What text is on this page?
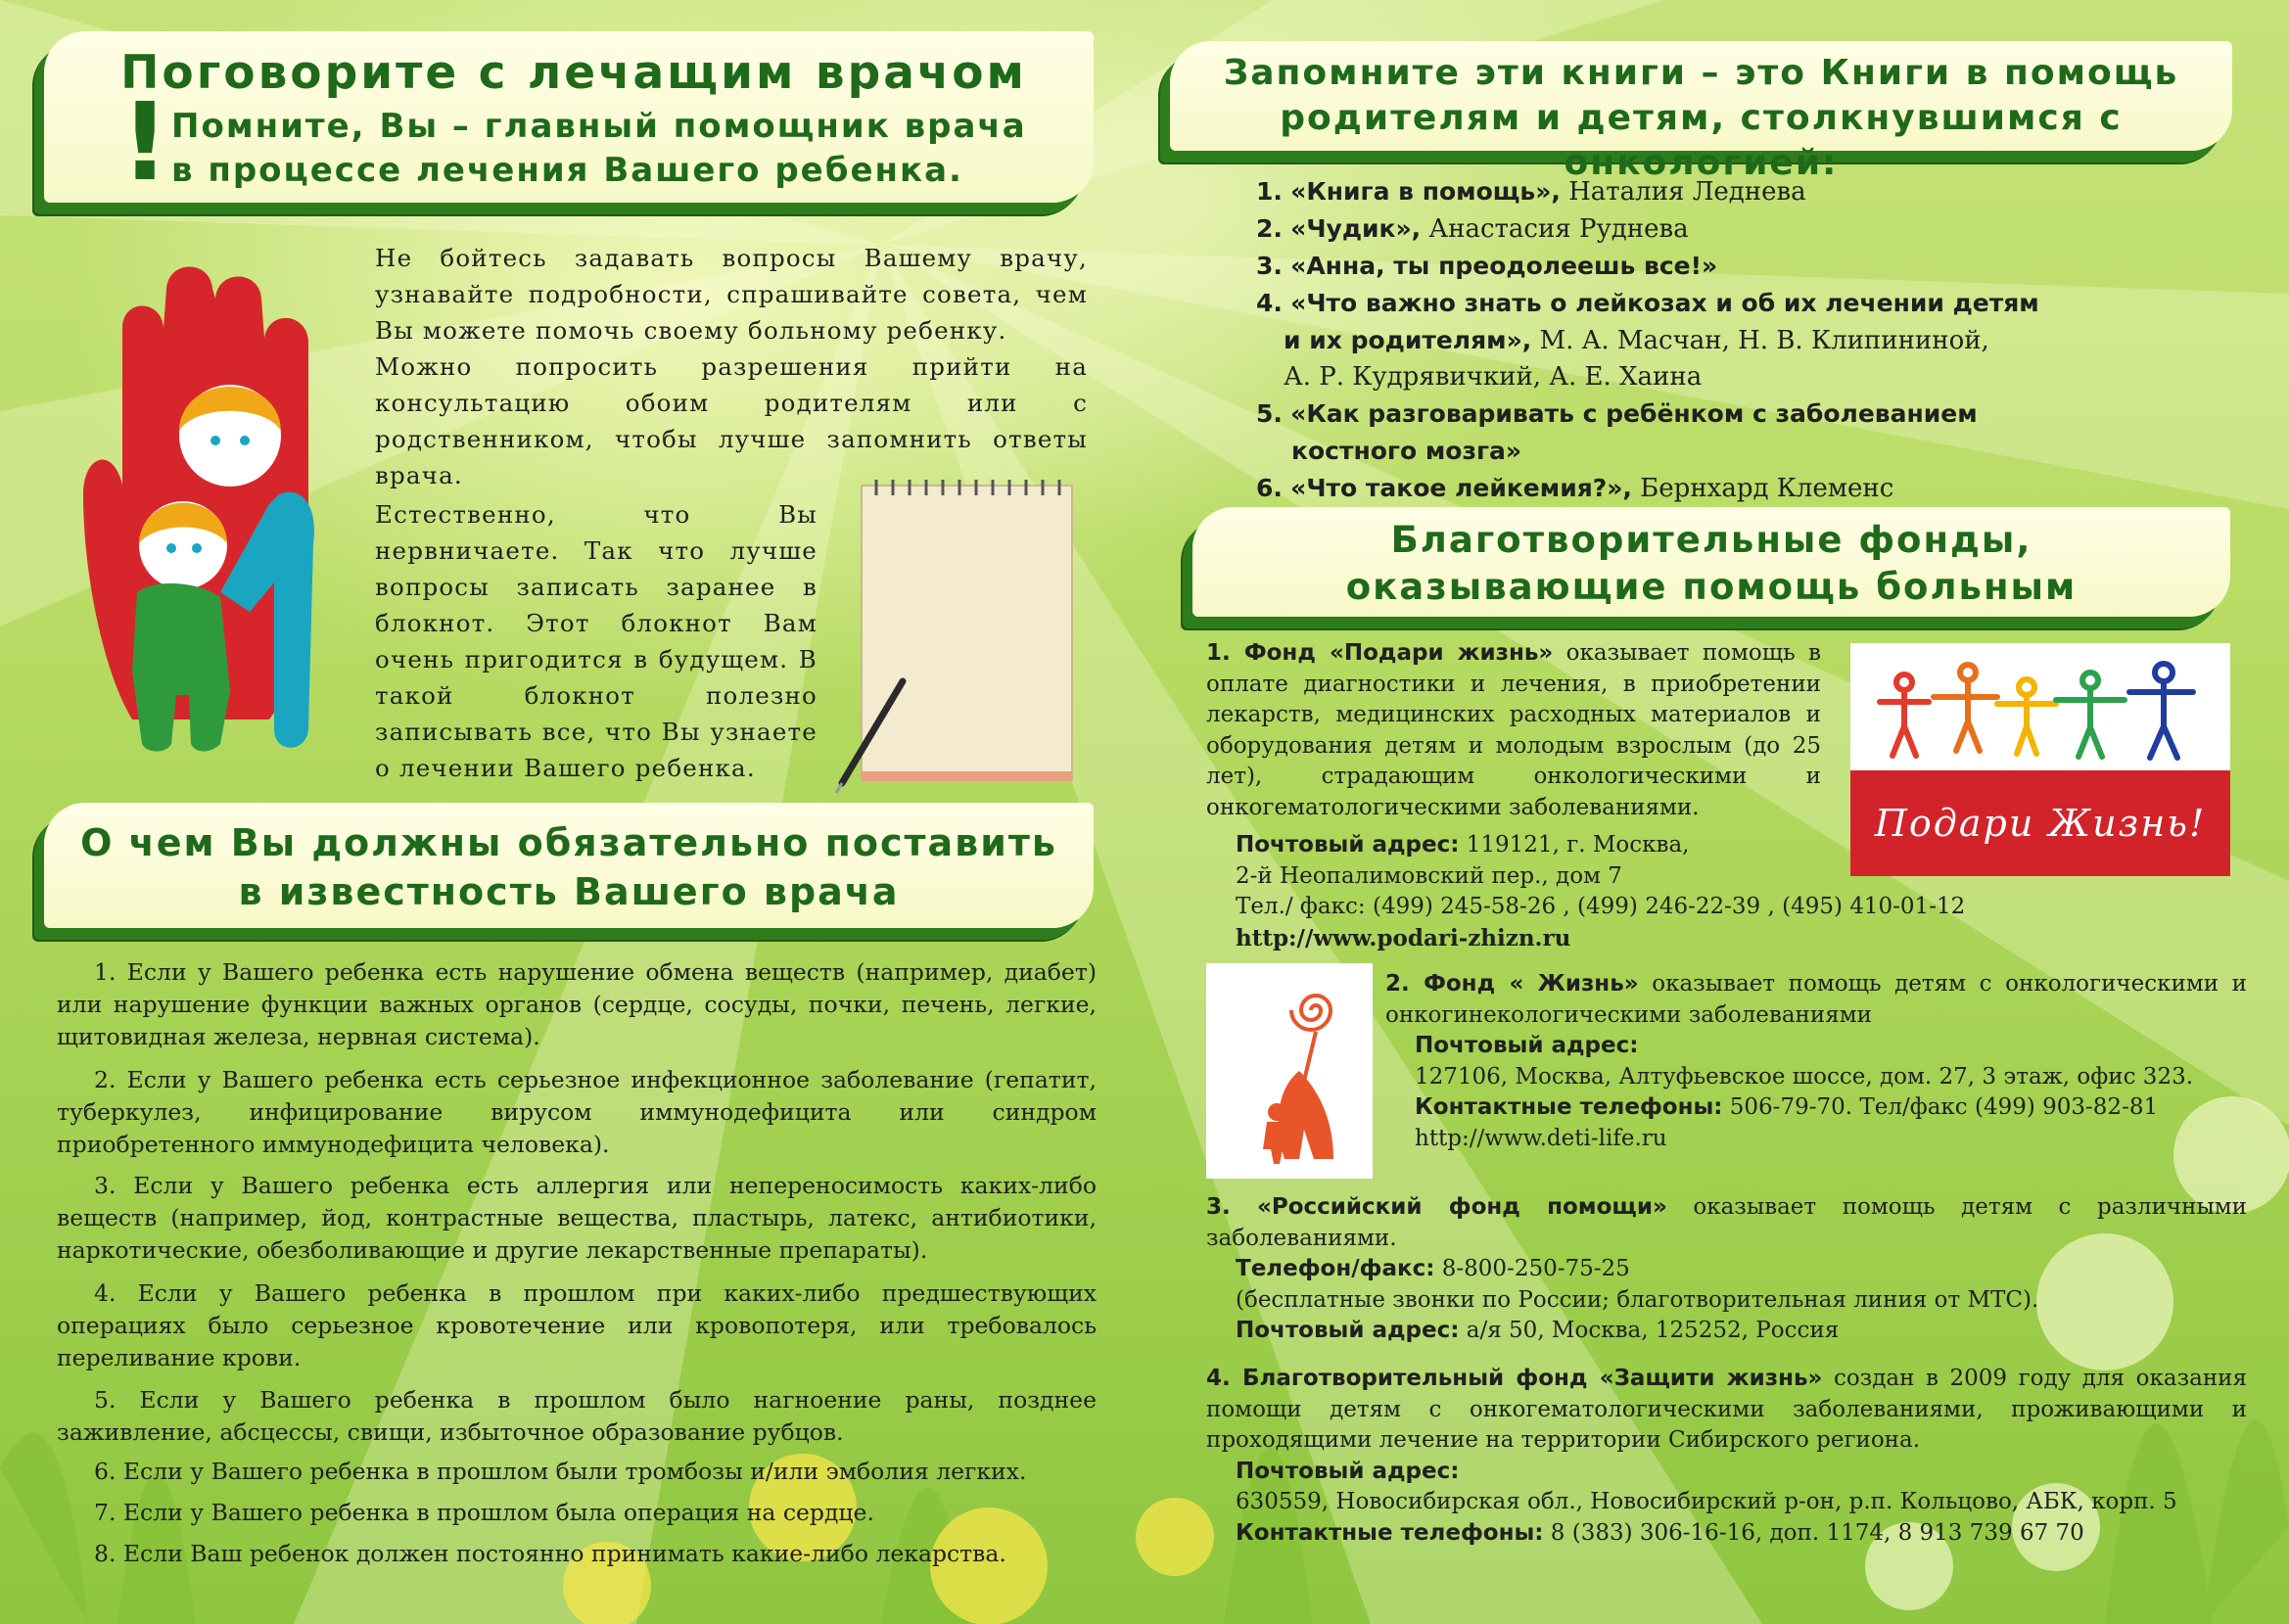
Поговорите с лечащим врачом
! Помните, Вы – главный помощник врача
в процессе лечения Вашего ребенка.

Не бойтесь задавать вопросы Вашему врачу, узнавайте подробности, спрашивайте совета, чем Вы можете помочь своему больному ребенку.

Можно попросить разрешения прийти на консультацию обоим родителям или с родственником, чтобы лучше запомнить ответы врача.

Естественно, что Вы нервничаете. Так что лучше вопросы записать заранее в блокнот. Этот блокнот Вам очень пригодится в будущем. В такой блокнот полезно записывать все, что Вы узнаете о лечении Вашего ребенка.

О чем Вы должны обязательно поставить
в известность Вашего врача
1. Если у Вашего ребенка есть нарушение обмена веществ (например, диабет) или нарушение функции важных органов (сердце, сосуды, почки, печень, легкие, щитовидная железа, нервная система).
2. Если у Вашего ребенка есть серьезное инфекционное заболевание (гепатит, туберкулез, инфицирование вирусом иммунодефицита или синдром приобретенного иммунодефицита человека).
3. Если у Вашего ребенка есть аллергия или непереносимость каких-либо веществ (например, йод, контрастные вещества, пластырь, латекс, антибиотики, наркотические, обезболивающие и другие лекарственные препараты).
4. Если у Вашего ребенка в прошлом при каких-либо предшествующих операциях было серьезное кровотечение или кровопотеря, или требовалось переливание крови.
5. Если у Вашего ребенка в прошлом было нагноение раны, позднее заживление, абсцессы, свищи, избыточное образование рубцов.
6. Если у Вашего ребенка в прошлом были тромбозы и/или эмболия легких.
7. Если у Вашего ребенка в прошлом была операция на сердце.
8. Если Ваш ребенок должен постоянно принимать какие-либо лекарства.
Запомните эти книги – это Книги в помощь
родителям и детям, столкнувшимся с онкологией:
1. «Книга в помощь», Наталия Леднева
2. «Чудик», Анастасия Руднева
3. «Анна, ты преодолеешь все!»
4. «Что важно знать о лейкозах и об их лечении детям
и их родителям», М. А. Масчан, Н. В. Клипининой,
А. Р. Кудрявичкий, А. Е. Хаина
5. «Как разговаривать с ребёнком с заболеванием
костного мозга»
6. «Что такое лейкемия?», Бернхард Клеменс
Благотворительные фонды,
оказывающие помощь больным
1. Фонд «Подари жизнь» оказывает помощь в оплате диагностики и лечения, в приобретении лекарств, медицинских расходных материалов и оборудования детям и молодым взрослым (до 25 лет), страдающим онкологическими и онкогематологическими заболеваниями.
Почтовый адрес: 119121, г. Москва,
2-й Неопалимовский пер., дом 7
Тел./ факс: (499) 245-58-26 , (499) 246-22-39 , (495) 410-01-12
http://www.podari-zhizn.ru
Подари Жизнь!
2. Фонд « Жизнь» оказывает помощь детям с онкологическими и онкогинекологическими заболеваниями
Почтовый адрес:
127106, Москва, Алтуфьевское шоссе, дом. 27, 3 этаж, офис 323.
Контактные телефоны: 506-79-70. Тел/факс (499) 903-82-81
http://www.deti-life.ru
3. «Российский фонд помощи» оказывает помощь детям с различными заболеваниями.
Телефон/факс: 8-800-250-75-25
(бесплатные звонки по России; благотворительная линия от МТС).
Почтовый адрес: а/я 50, Москва, 125252, Россия
4. Благотворительный фонд «Защити жизнь» создан в 2009 году для оказания помощи детям с онкогематологическими заболеваниями, проживающими и проходящими лечение на территории Сибирского региона.
Почтовый адрес:
630559, Новосибирская обл., Новосибирский р-он, р.п. Кольцово, АБК, корп. 5
Контактные телефоны: 8 (383) 306-16-16, доп. 1174, 8 913 739 67 70
